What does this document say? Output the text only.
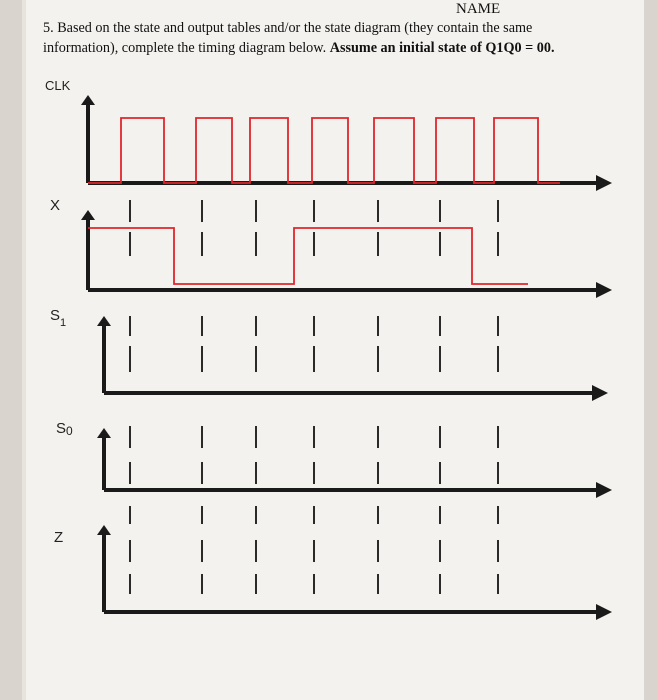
NAME
5. Based on the state and output tables and/or the state diagram (they contain the same
information), complete the timing diagram below. Assume an initial state of Q1Q0 = 00.
CLK
X
$S_1$
S0
Z
